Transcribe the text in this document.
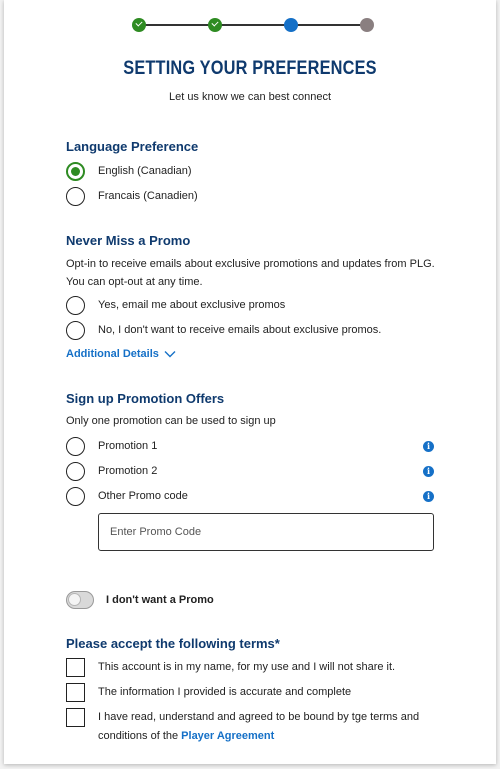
SETTING YOUR PREFERENCES
Let us know we can best connect
Language Preference
English (Canadian)
Francais (Canadien)
Never Miss a Promo
Opt-in to receive emails about exclusive promotions and updates from PLG. You can opt-out at any time.
Yes, email me about exclusive promos
No, I don't want to receive emails about exclusive promos.
Additional Details
Sign up Promotion Offers
Only one promotion can be used to sign up
Promotion 1	i
Promotion 2	i
Other Promo code	i
Enter Promo Code
I don't want a Promo
Please accept the following terms*
This account is in my name, for my use and I will not share it.
The information I provided is accurate and complete
I have read, understand and agreed to be bound by tge terms and conditions of the Player Agreement
